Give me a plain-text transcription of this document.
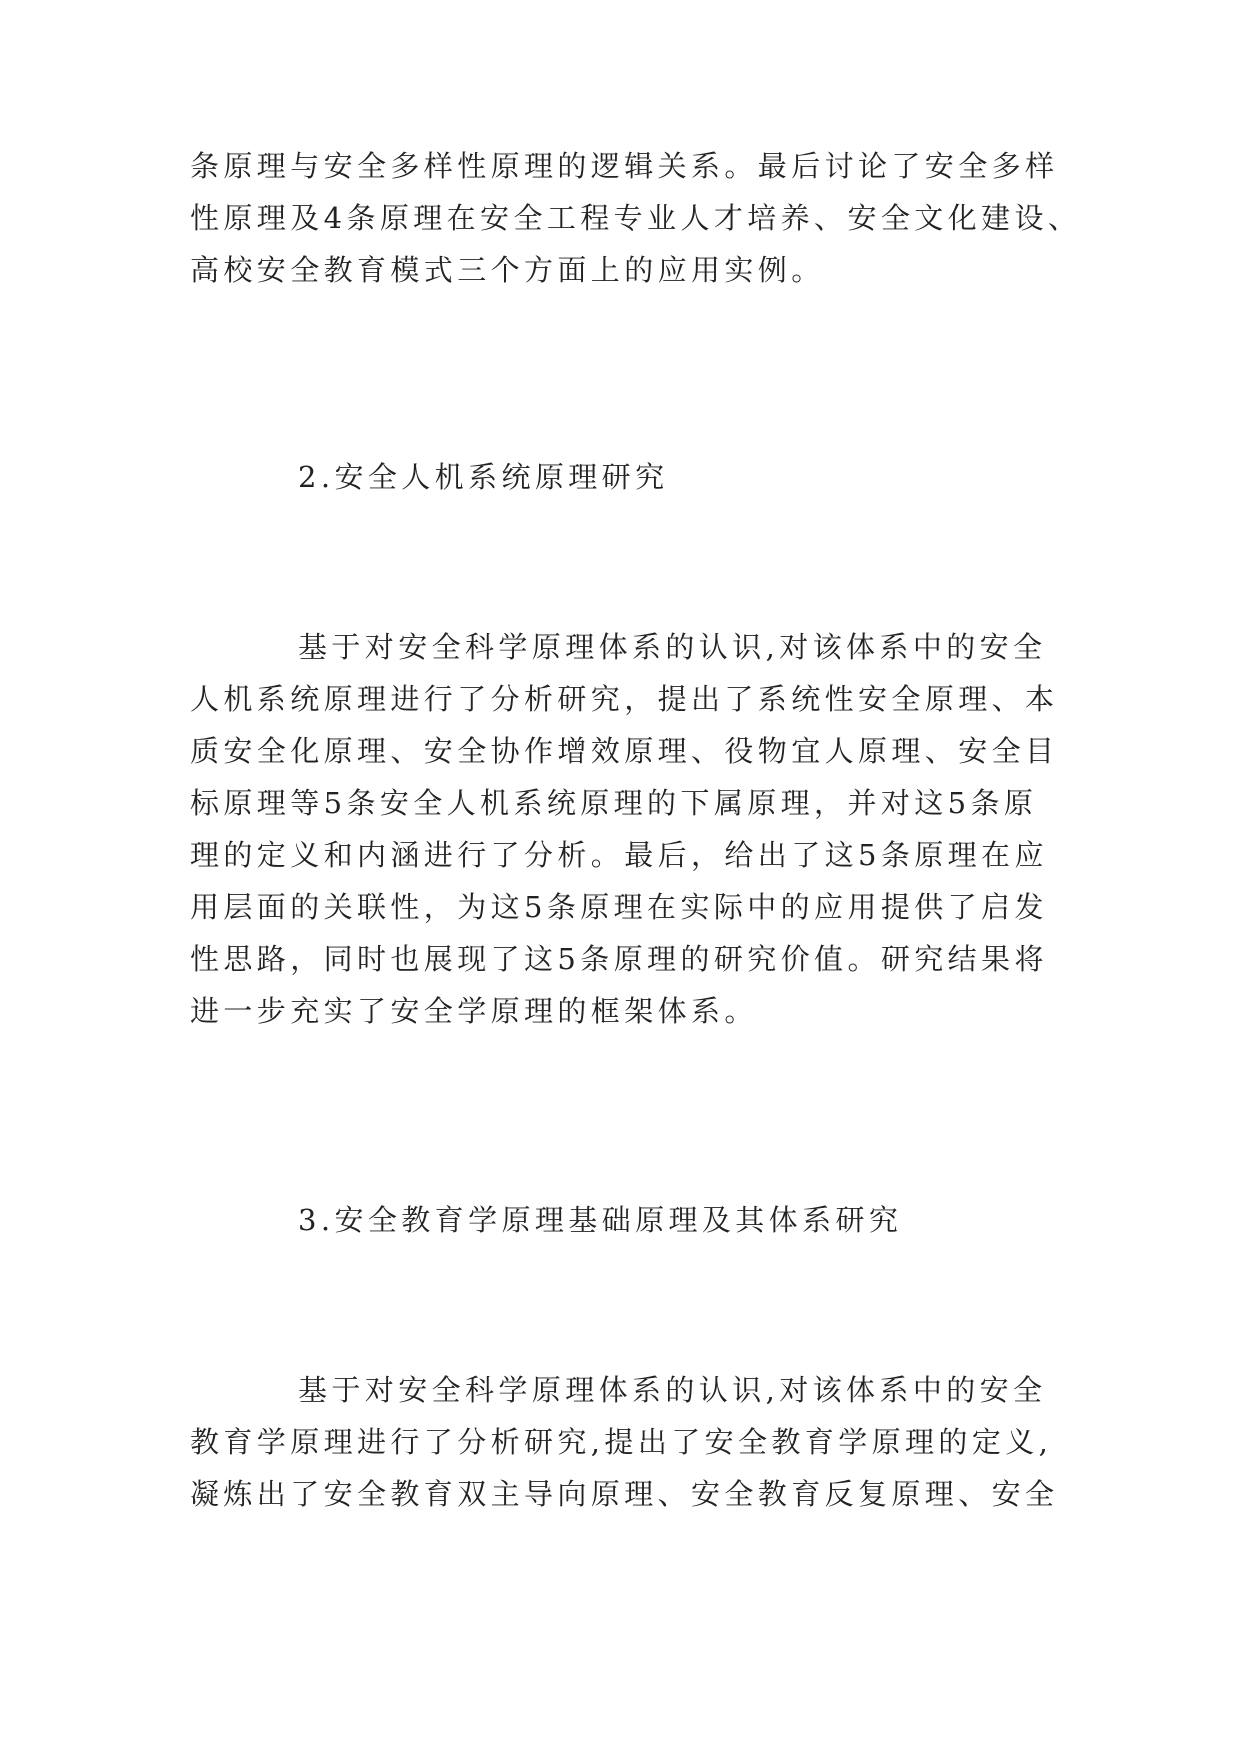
条原理与安全多样性原理的逻辑关系。最后讨论了安全多样
性原理及4条原理在安全工程专业人才培养、安全文化建设、
高校安全教育模式三个方面上的应用实例。
2.安全人机系统原理研究
基于对安全科学原理体系的认识,对该体系中的安全
人机系统原理进行了分析研究，提出了系统性安全原理、本
质安全化原理、安全协作增效原理、役物宜人原理、安全目
标原理等5条安全人机系统原理的下属原理，并对这5条原
理的定义和内涵进行了分析。最后，给出了这5条原理在应
用层面的关联性，为这5条原理在实际中的应用提供了启发
性思路，同时也展现了这5条原理的研究价值。研究结果将
进一步充实了安全学原理的框架体系。
3.安全教育学原理基础原理及其体系研究
基于对安全科学原理体系的认识,对该体系中的安全
教育学原理进行了分析研究,提出了安全教育学原理的定义,
凝炼出了安全教育双主导向原理、安全教育反复原理、安全
